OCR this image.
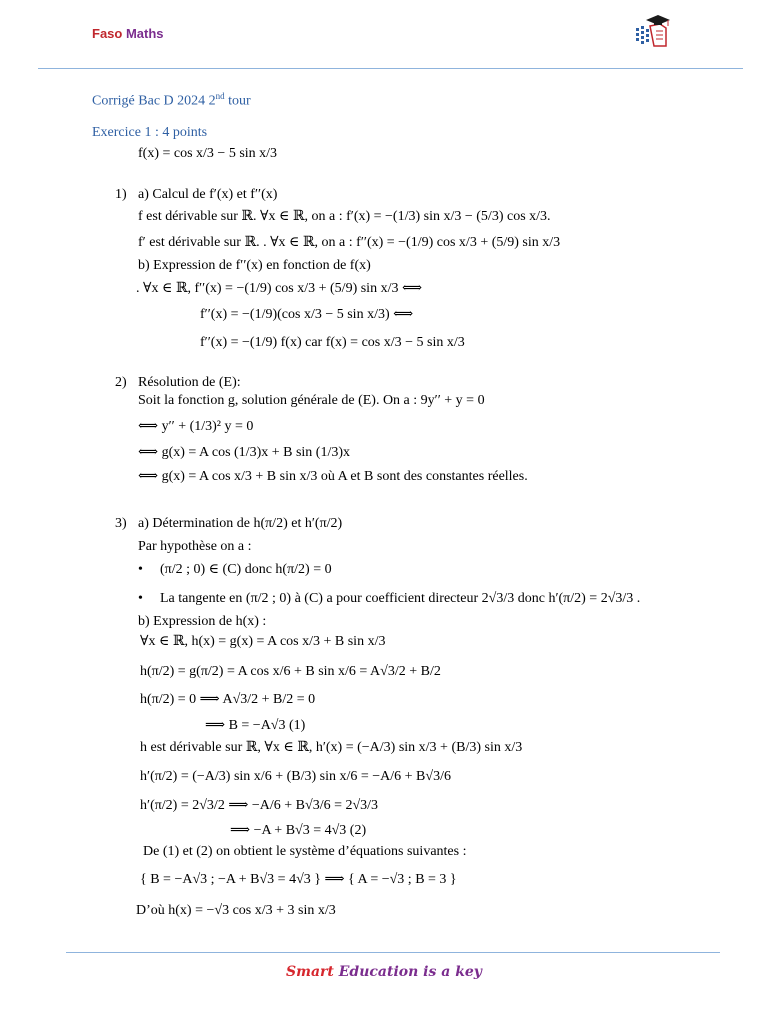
Faso Maths
Corrigé Bac D 2024 2nd tour
Exercice 1 : 4 points
f(x) = cos x/3 − 5 sin x/3
1) a) Calcul de f′(x) et f′′(x)
f est dérivable sur ℝ. ∀x ∈ ℝ, on a : f′(x) = −(1/3) sin x/3 − (5/3) cos x/3.
f′ est dérivable sur ℝ. . ∀x ∈ ℝ, on a : f′′(x) = −(1/9) cos x/3 + (5/9) sin x/3
b) Expression de f′′(x) en fonction de f(x)
. ∀x ∈ ℝ, f′′(x) = −(1/9) cos x/3 + (5/9) sin x/3 ⟺
f′′(x) = −(1/9)(cos x/3 − 5 sin x/3) ⟺
f′′(x) = −(1/9) f(x) car f(x) = cos x/3 − 5 sin x/3
2) Résolution de (E):
Soit la fonction g, solution générale de (E). On a : 9y′′ + y = 0
⟺ y′′ + (1/3)² y = 0
⟺ g(x) = A cos (1/3)x + B sin (1/3)x
⟺ g(x) = A cos x/3 + B sin x/3 où A et B sont des constantes réelles.
3) a) Détermination de h(π/2) et h′(π/2)
Par hypothèse on a :
• (π/2 ; 0) ∈ (C) donc h(π/2) = 0
• La tangente en (π/2 ; 0) à (C) a pour coefficient directeur 2√3/3 donc h′(π/2) = 2√3/3 .
b) Expression de h(x) :
∀x ∈ ℝ, h(x) = g(x) = A cos x/3 + B sin x/3
h(π/2) = g(π/2) = A cos x/6 + B sin x/6 = A√3/2 + B/2
h(π/2) = 0 ⟹ A√3/2 + B/2 = 0
⟹ B = −A√3 (1)
h est dérivable sur ℝ, ∀x ∈ ℝ, h′(x) = (−A/3) sin x/3 + (B/3) sin x/3
h′(π/2) = (−A/3) sin x/6 + (B/3) sin x/6 = −A/6 + B√3/6
h′(π/2) = 2√3/2 ⟹ −A/6 + B√3/6 = 2√3/3
⟹ −A + B√3 = 4√3 (2)
De (1) et (2) on obtient le système d’équations suivantes :
{ B = −A√3 ; −A + B√3 = 4√3 } ⟹ { A = −√3 ; B = 3 }
D’où h(x) = −√3 cos x/3 + 3 sin x/3
Smart Education is a key
